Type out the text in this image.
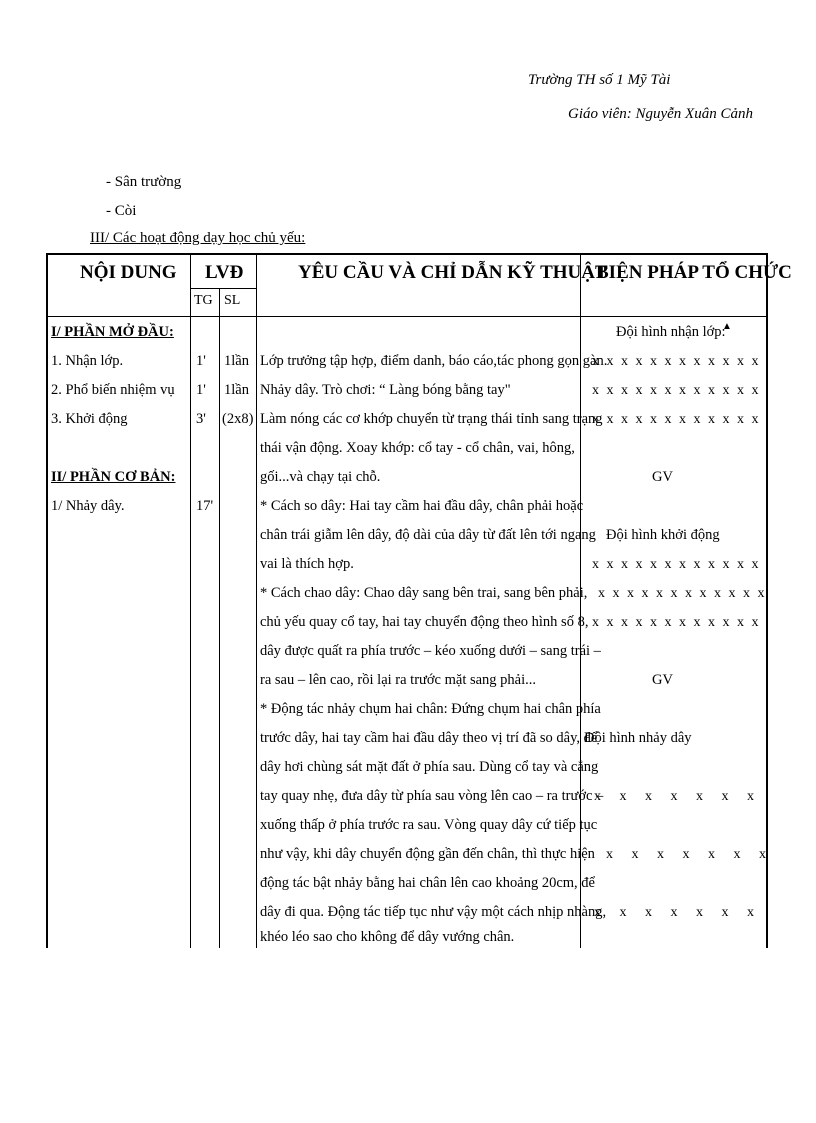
Trường TH số 1 Mỹ Tài
Giáo viên: Nguyễn Xuân Cảnh
- Sân trường
- Còi
III/ Các hoạt động dạy học chủ yếu:
NỘI DUNG LVĐ
TG SL
YÊU CẦU VÀ CHỈ DẪN KỸ THUẬT
BIỆN PHÁP TỔ CHỨC
I/ PHẦN MỞ ĐẦU:
1. Nhận lớp.
2. Phổ biến nhiệm vụ
3. Khởi động
II/ PHẦN CƠ BẢN:
1/ Nhảy dây.
1'
1'
3'
17'
1lần
1lần
(2x8)
Lớp trưởng tập hợp, điểm danh, báo cáo,tác phong gọn gàn.
Nhảy dây. Trò chơi: “ Làng bóng bằng tay"
Làm nóng các cơ khớp chuyển từ trạng thái tỉnh sang trạng
thái vận động. Xoay khớp: cổ tay - cổ chân, vai, hông,
gối...và chạy tại chỗ.
* Cách so dây: Hai tay cầm hai đầu dây, chân phải hoặc
chân trái giẫm lên dây, độ dài của dây từ đất lên tới ngang
vai là thích hợp.
* Cách chao dây: Chao dây sang bên trai, sang bên phải,
chủ yếu quay cổ tay, hai tay chuyển động theo hình số 8,
dây được quất ra phía trước – kéo xuống dưới – sang trái –
ra sau – lên cao, rồi lại ra trước mặt sang phải...
* Động tác nhảy chụm hai chân: Đứng chụm hai chân phía
trước dây, hai tay cầm hai đầu dây theo vị trí đã so dây, để
dây hơi chùng sát mặt đất ở phía sau. Dùng cổ tay và cẳng
tay quay nhẹ, đưa dây từ phía sau vòng lên cao – ra trước –
xuống thấp ở phía trước ra sau. Vòng quay dây cứ tiếp tục
như vậy, khi dây chuyển động gần đến chân, thì thực hiện
động tác bật nhảy bằng hai chân lên cao khoảng 20cm, để
dây đi qua. Động tác tiếp tục như vậy một cách nhịp nhàng,
khéo léo sao cho không để dây vướng chân.
Đội hình nhận lớp:
▲
x x x x x x x x x x x x
x x x x x x x x x x x x
x x x x x x x x x x x x
GV
Đội hình khởi động
x x x x x x x x x x x x
x x x x x x x x x x x x
x x x x x x x x x x x x
GV
Đội hình nhảy dây
x   x   x   x   x   x   x
x   x   x   x   x   x   x
x   x   x   x   x   x   x
